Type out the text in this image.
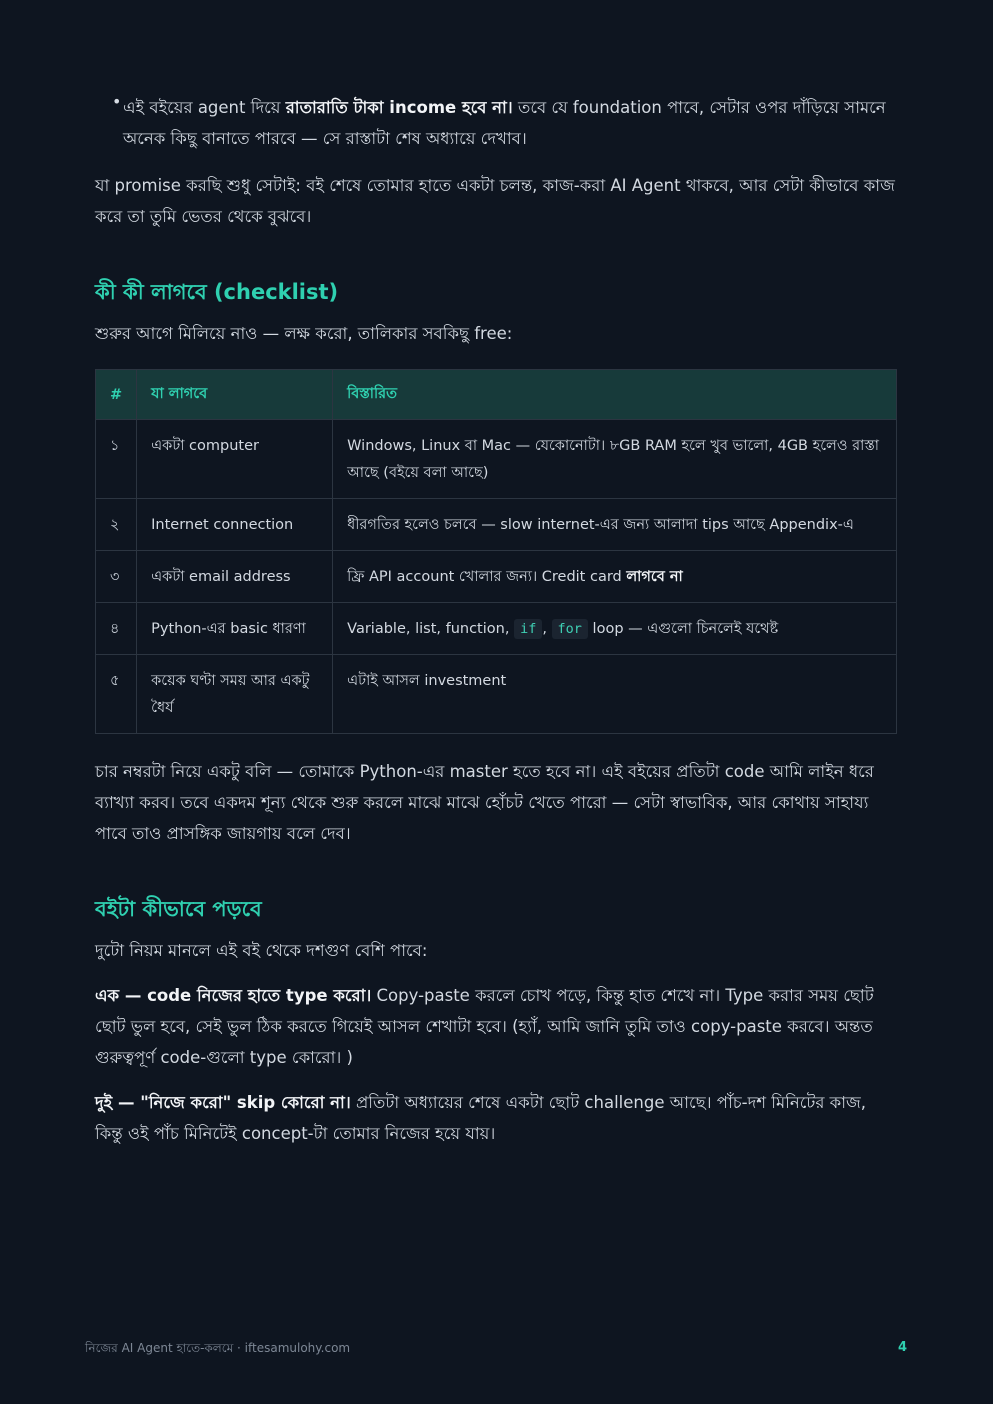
• এই বইয়ের agent দিয়ে রাতারাতি টাকা income হবে না। তবে যে foundation পাবে, সেটার ওপর দাঁড়িয়ে সামনে অনেক কিছু বানাতে পারবে — সে রাস্তাটা শেষ অধ্যায়ে দেখাব।

যা promise করছি শুধু সেটাই: বই শেষে তোমার হাতে একটা চলন্ত, কাজ-করা AI Agent থাকবে, আর সেটা কীভাবে কাজ করে তা তুমি ভেতর থেকে বুঝবে।

কী কী লাগবে (checklist)

শুরুর আগে মিলিয়ে নাও — লক্ষ করো, তালিকার সবকিছু free:

#	যা লাগবে	বিস্তারিত
১	একটা computer	Windows, Linux বা Mac — যেকোনোটা। ৮GB RAM হলে খুব ভালো, 4GB হলেও রাস্তা আছে (বইয়ে বলা আছে)
২	Internet connection	ধীরগতির হলেও চলবে — slow internet-এর জন্য আলাদা tips আছে Appendix-এ
৩	একটা email address	ফ্রি API account খোলার জন্য। Credit card লাগবে না
৪	Python-এর basic ধারণা	Variable, list, function, if , for loop — এগুলো চিনলেই যথেষ্ট
৫	কয়েক ঘণ্টা সময় আর একটু ধৈর্য	এটাই আসল investment

চার নম্বরটা নিয়ে একটু বলি — তোমাকে Python-এর master হতে হবে না। এই বইয়ের প্রতিটা code আমি লাইন ধরে ব্যাখ্যা করব। তবে একদম শূন্য থেকে শুরু করলে মাঝে মাঝে হোঁচট খেতে পারো — সেটা স্বাভাবিক, আর কোথায় সাহায্য পাবে তাও প্রাসঙ্গিক জায়গায় বলে দেব।

বইটা কীভাবে পড়বে

দুটো নিয়ম মানলে এই বই থেকে দশগুণ বেশি পাবে:

এক — code নিজের হাতে type করো। Copy-paste করলে চোখ পড়ে, কিন্তু হাত শেখে না। Type করার সময় ছোট ছোট ভুল হবে, সেই ভুল ঠিক করতে গিয়েই আসল শেখাটা হবে। (হ্যাঁ, আমি জানি তুমি তাও copy-paste করবে। অন্তত গুরুত্বপূর্ণ code-গুলো type কোরো। )

দুই — "নিজে করো" skip কোরো না। প্রতিটা অধ্যায়ের শেষে একটা ছোট challenge আছে। পাঁচ-দশ মিনিটের কাজ, কিন্তু ওই পাঁচ মিনিটেই concept-টা তোমার নিজের হয়ে যায়।

নিজের AI Agent হাতে-কলমে · iftesamulohy.com	4
